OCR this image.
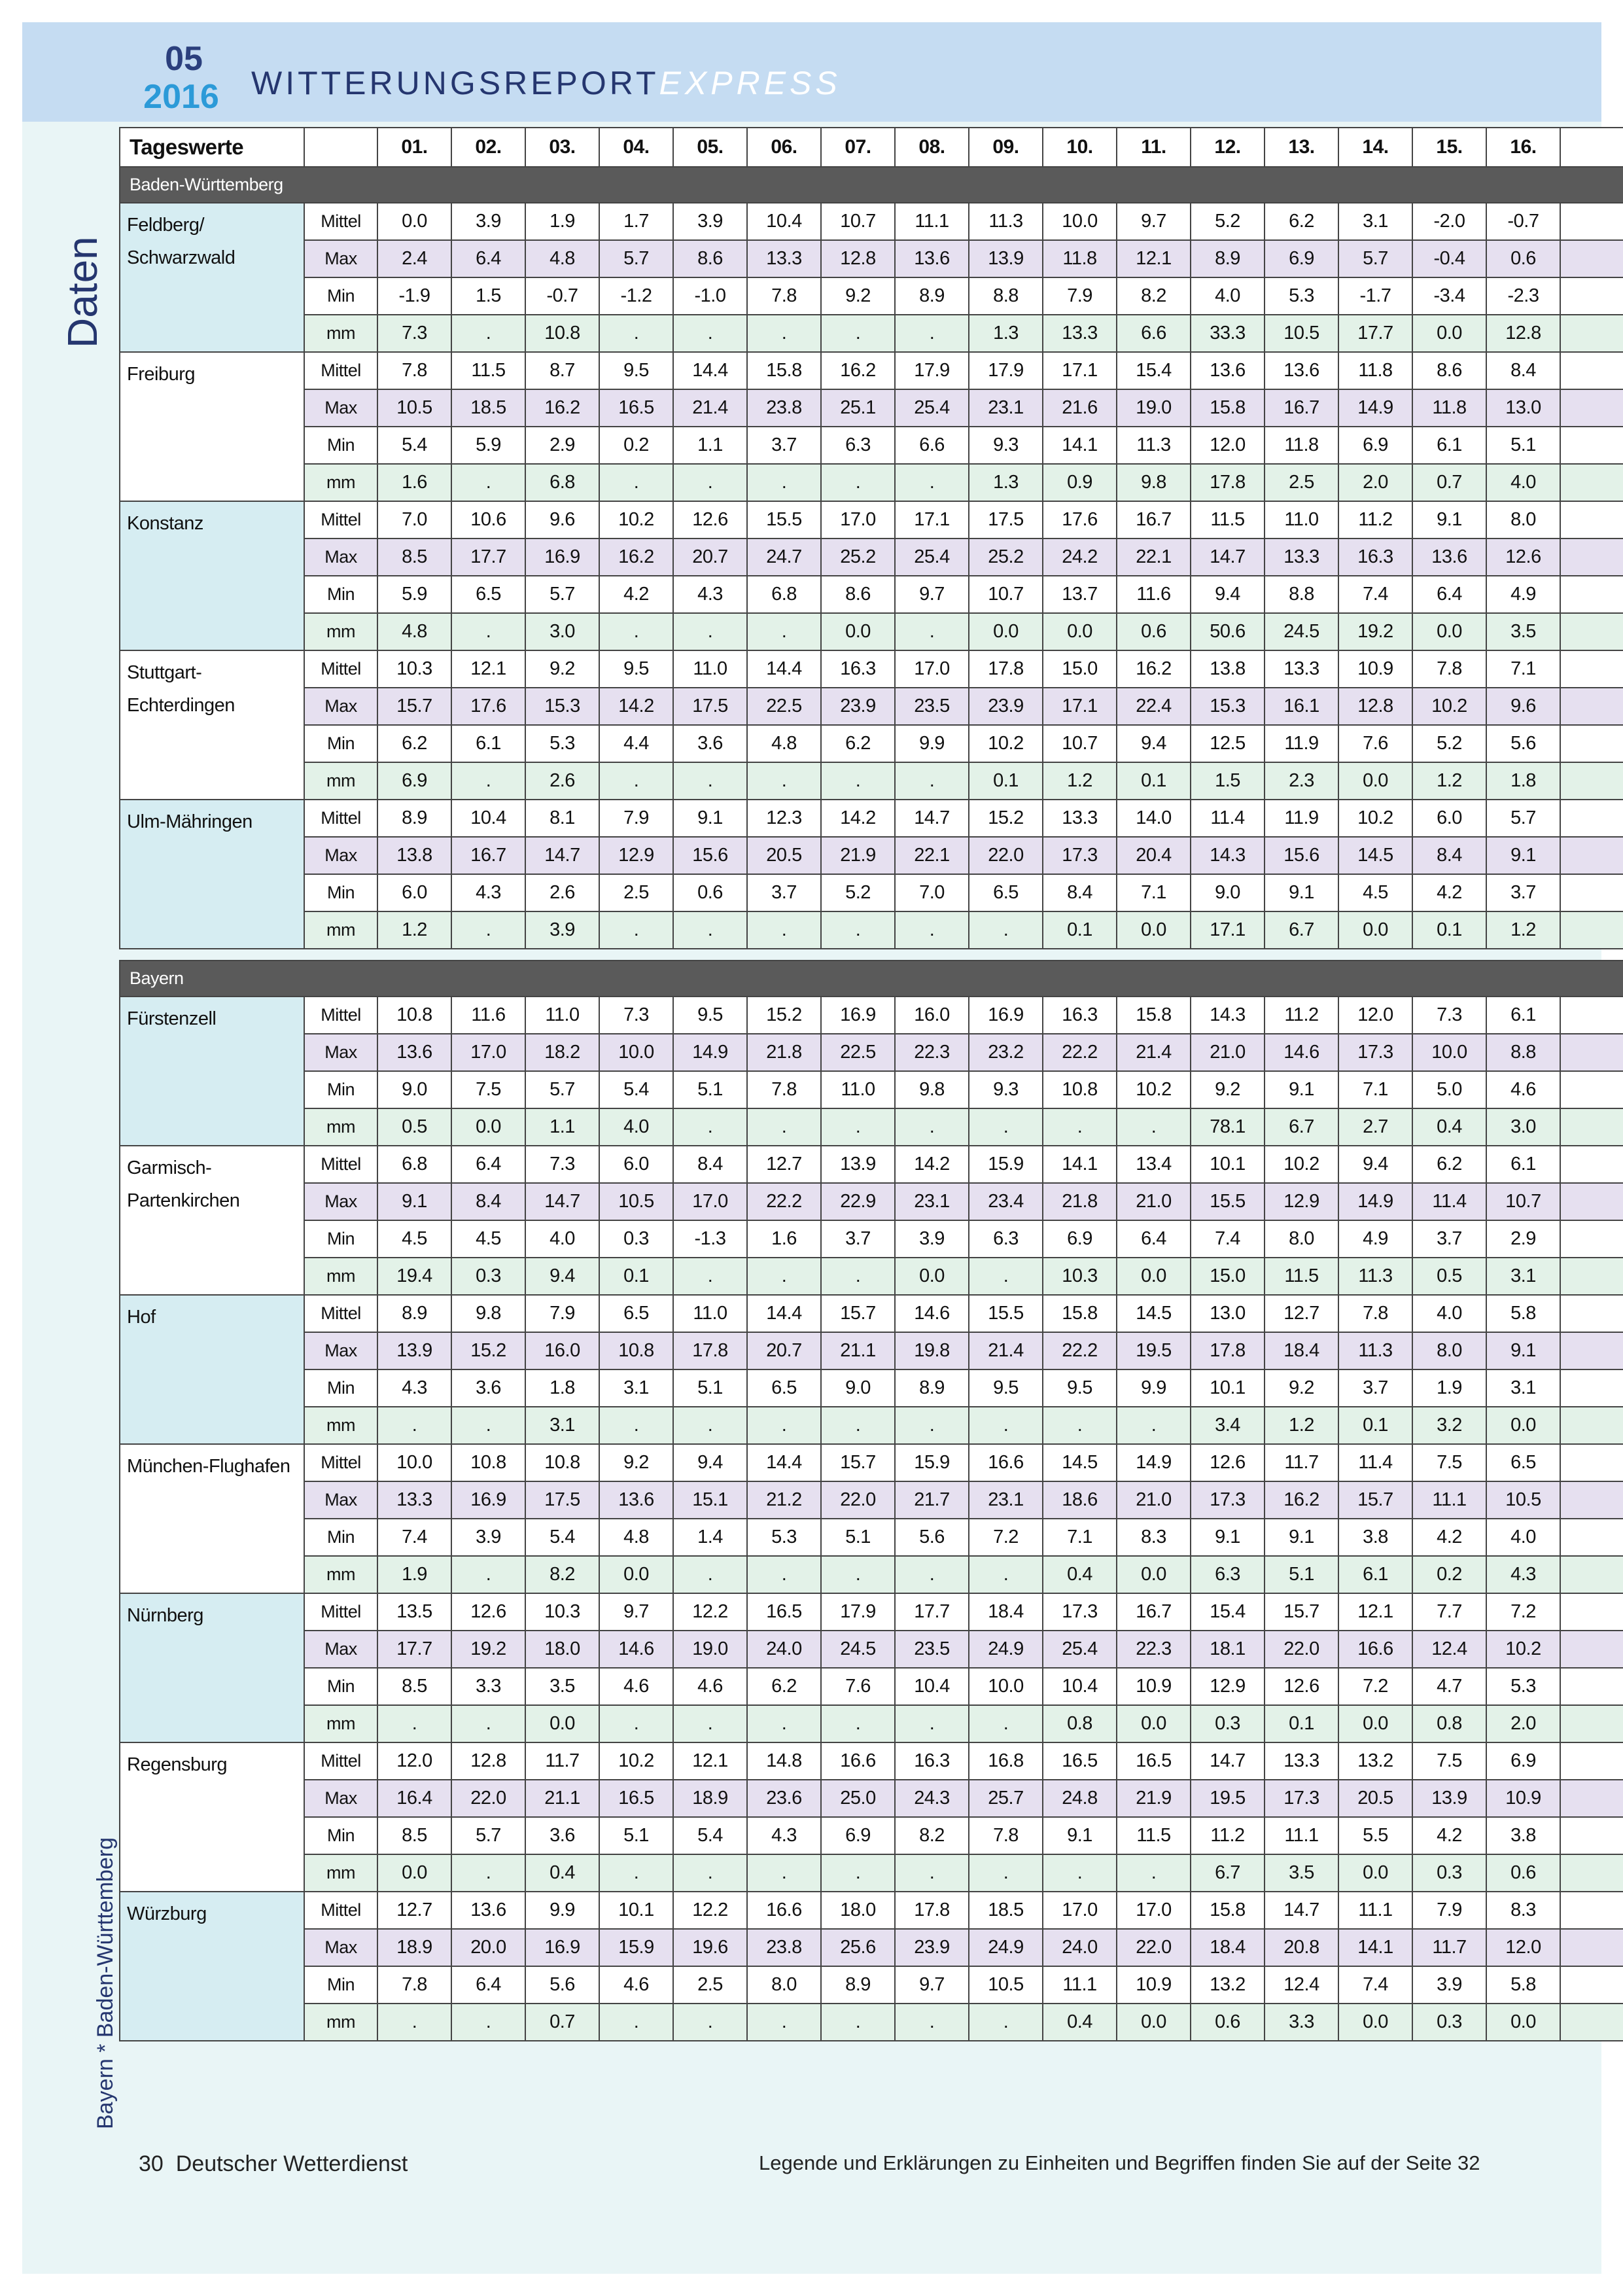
05
2016 WITTERUNGSREPORTEXPRESS
Daten
Bayern * Baden-Württemberg
30 Deutscher Wetterdienst	Legende und Erklärungen zu Einheiten und Begriffen finden Sie auf der Seite 32
Tageswerte		01.	02.	03.	04.	05.	06.	07.	08.	09.	10.	11.	12.	13.	14.	15.	16.	
Baden-Württemberg																		
Feldberg/ Schwarzwald	Mittel	0.0	3.9	1.9	1.7	3.9	10.4	10.7	11.1	11.3	10.0	9.7	5.2	6.2	3.1	-2.0	-0.7	
	Max	2.4	6.4	4.8	5.7	8.6	13.3	12.8	13.6	13.9	11.8	12.1	8.9	6.9	5.7	-0.4	0.6	
	Min	-1.9	1.5	-0.7	-1.2	-1.0	7.8	9.2	8.9	8.8	7.9	8.2	4.0	5.3	-1.7	-3.4	-2.3	
	mm	7.3	.	10.8	.	.	.	.	.	1.3	13.3	6.6	33.3	10.5	17.7	0.0	12.8	
Freiburg	Mittel	7.8	11.5	8.7	9.5	14.4	15.8	16.2	17.9	17.9	17.1	15.4	13.6	13.6	11.8	8.6	8.4	
	Max	10.5	18.5	16.2	16.5	21.4	23.8	25.1	25.4	23.1	21.6	19.0	15.8	16.7	14.9	11.8	13.0	
	Min	5.4	5.9	2.9	0.2	1.1	3.7	6.3	6.6	9.3	14.1	11.3	12.0	11.8	6.9	6.1	5.1	
	mm	1.6	.	6.8	.	.	.	.	.	1.3	0.9	9.8	17.8	2.5	2.0	0.7	4.0	
Konstanz	Mittel	7.0	10.6	9.6	10.2	12.6	15.5	17.0	17.1	17.5	17.6	16.7	11.5	11.0	11.2	9.1	8.0	
	Max	8.5	17.7	16.9	16.2	20.7	24.7	25.2	25.4	25.2	24.2	22.1	14.7	13.3	16.3	13.6	12.6	
	Min	5.9	6.5	5.7	4.2	4.3	6.8	8.6	9.7	10.7	13.7	11.6	9.4	8.8	7.4	6.4	4.9	
	mm	4.8	.	3.0	.	.	.	0.0	.	0.0	0.0	0.6	50.6	24.5	19.2	0.0	3.5	
Stuttgart-Echterdingen	Mittel	10.3	12.1	9.2	9.5	11.0	14.4	16.3	17.0	17.8	15.0	16.2	13.8	13.3	10.9	7.8	7.1	
	Max	15.7	17.6	15.3	14.2	17.5	22.5	23.9	23.5	23.9	17.1	22.4	15.3	16.1	12.8	10.2	9.6	
	Min	6.2	6.1	5.3	4.4	3.6	4.8	6.2	9.9	10.2	10.7	9.4	12.5	11.9	7.6	5.2	5.6	
	mm	6.9	.	2.6	.	.	.	.	.	0.1	1.2	0.1	1.5	2.3	0.0	1.2	1.8	
Ulm-Mähringen	Mittel	8.9	10.4	8.1	7.9	9.1	12.3	14.2	14.7	15.2	13.3	14.0	11.4	11.9	10.2	6.0	5.7	
	Max	13.8	16.7	14.7	12.9	15.6	20.5	21.9	22.1	22.0	17.3	20.4	14.3	15.6	14.5	8.4	9.1	
	Min	6.0	4.3	2.6	2.5	0.6	3.7	5.2	7.0	6.5	8.4	7.1	9.0	9.1	4.5	4.2	3.7	
	mm	1.2	.	3.9	.	.	.	.	.	.	0.1	0.0	17.1	6.7	0.0	0.1	1.2	

Bayern																		
Fürstenzell	Mittel	10.8	11.6	11.0	7.3	9.5	15.2	16.9	16.0	16.9	16.3	15.8	14.3	11.2	12.0	7.3	6.1	
	Max	13.6	17.0	18.2	10.0	14.9	21.8	22.5	22.3	23.2	22.2	21.4	21.0	14.6	17.3	10.0	8.8	
	Min	9.0	7.5	5.7	5.4	5.1	7.8	11.0	9.8	9.3	10.8	10.2	9.2	9.1	7.1	5.0	4.6	
	mm	0.5	0.0	1.1	4.0	.	.	.	.	.	.	.	78.1	6.7	2.7	0.4	3.0	
Garmisch-Partenkirchen	Mittel	6.8	6.4	7.3	6.0	8.4	12.7	13.9	14.2	15.9	14.1	13.4	10.1	10.2	9.4	6.2	6.1	
	Max	9.1	8.4	14.7	10.5	17.0	22.2	22.9	23.1	23.4	21.8	21.0	15.5	12.9	14.9	11.4	10.7	
	Min	4.5	4.5	4.0	0.3	-1.3	1.6	3.7	3.9	6.3	6.9	6.4	7.4	8.0	4.9	3.7	2.9	
	mm	19.4	0.3	9.4	0.1	.	.	.	0.0	.	10.3	0.0	15.0	11.5	11.3	0.5	3.1	
Hof	Mittel	8.9	9.8	7.9	6.5	11.0	14.4	15.7	14.6	15.5	15.8	14.5	13.0	12.7	7.8	4.0	5.8	
	Max	13.9	15.2	16.0	10.8	17.8	20.7	21.1	19.8	21.4	22.2	19.5	17.8	18.4	11.3	8.0	9.1	
	Min	4.3	3.6	1.8	3.1	5.1	6.5	9.0	8.9	9.5	9.5	9.9	10.1	9.2	3.7	1.9	3.1	
	mm	.	.	3.1	.	.	.	.	.	.	.	.	3.4	1.2	0.1	3.2	0.0	
München-Flughafen	Mittel	10.0	10.8	10.8	9.2	9.4	14.4	15.7	15.9	16.6	14.5	14.9	12.6	11.7	11.4	7.5	6.5	
	Max	13.3	16.9	17.5	13.6	15.1	21.2	22.0	21.7	23.1	18.6	21.0	17.3	16.2	15.7	11.1	10.5	
	Min	7.4	3.9	5.4	4.8	1.4	5.3	5.1	5.6	7.2	7.1	8.3	9.1	9.1	3.8	4.2	4.0	
	mm	1.9	.	8.2	0.0	.	.	.	.	.	0.4	0.0	6.3	5.1	6.1	0.2	4.3	
Nürnberg	Mittel	13.5	12.6	10.3	9.7	12.2	16.5	17.9	17.7	18.4	17.3	16.7	15.4	15.7	12.1	7.7	7.2	
	Max	17.7	19.2	18.0	14.6	19.0	24.0	24.5	23.5	24.9	25.4	22.3	18.1	22.0	16.6	12.4	10.2	
	Min	8.5	3.3	3.5	4.6	4.6	6.2	7.6	10.4	10.0	10.4	10.9	12.9	12.6	7.2	4.7	5.3	
	mm	.	.	0.0	.	.	.	.	.	.	0.8	0.0	0.3	0.1	0.0	0.8	2.0	
Regensburg	Mittel	12.0	12.8	11.7	10.2	12.1	14.8	16.6	16.3	16.8	16.5	16.5	14.7	13.3	13.2	7.5	6.9	
	Max	16.4	22.0	21.1	16.5	18.9	23.6	25.0	24.3	25.7	24.8	21.9	19.5	17.3	20.5	13.9	10.9	
	Min	8.5	5.7	3.6	5.1	5.4	4.3	6.9	8.2	7.8	9.1	11.5	11.2	11.1	5.5	4.2	3.8	
	mm	0.0	.	0.4	.	.	.	.	.	.	.	.	6.7	3.5	0.0	0.3	0.6	
Würzburg	Mittel	12.7	13.6	9.9	10.1	12.2	16.6	18.0	17.8	18.5	17.0	17.0	15.8	14.7	11.1	7.9	8.3	
	Max	18.9	20.0	16.9	15.9	19.6	23.8	25.6	23.9	24.9	24.0	22.0	18.4	20.8	14.1	11.7	12.0	
	Min	7.8	6.4	5.6	4.6	2.5	8.0	8.9	9.7	10.5	11.1	10.9	13.2	12.4	7.4	3.9	5.8	
	mm	.	.	0.7	.	.	.	.	.	.	0.4	0.0	0.6	3.3	0.0	0.3	0.0	
